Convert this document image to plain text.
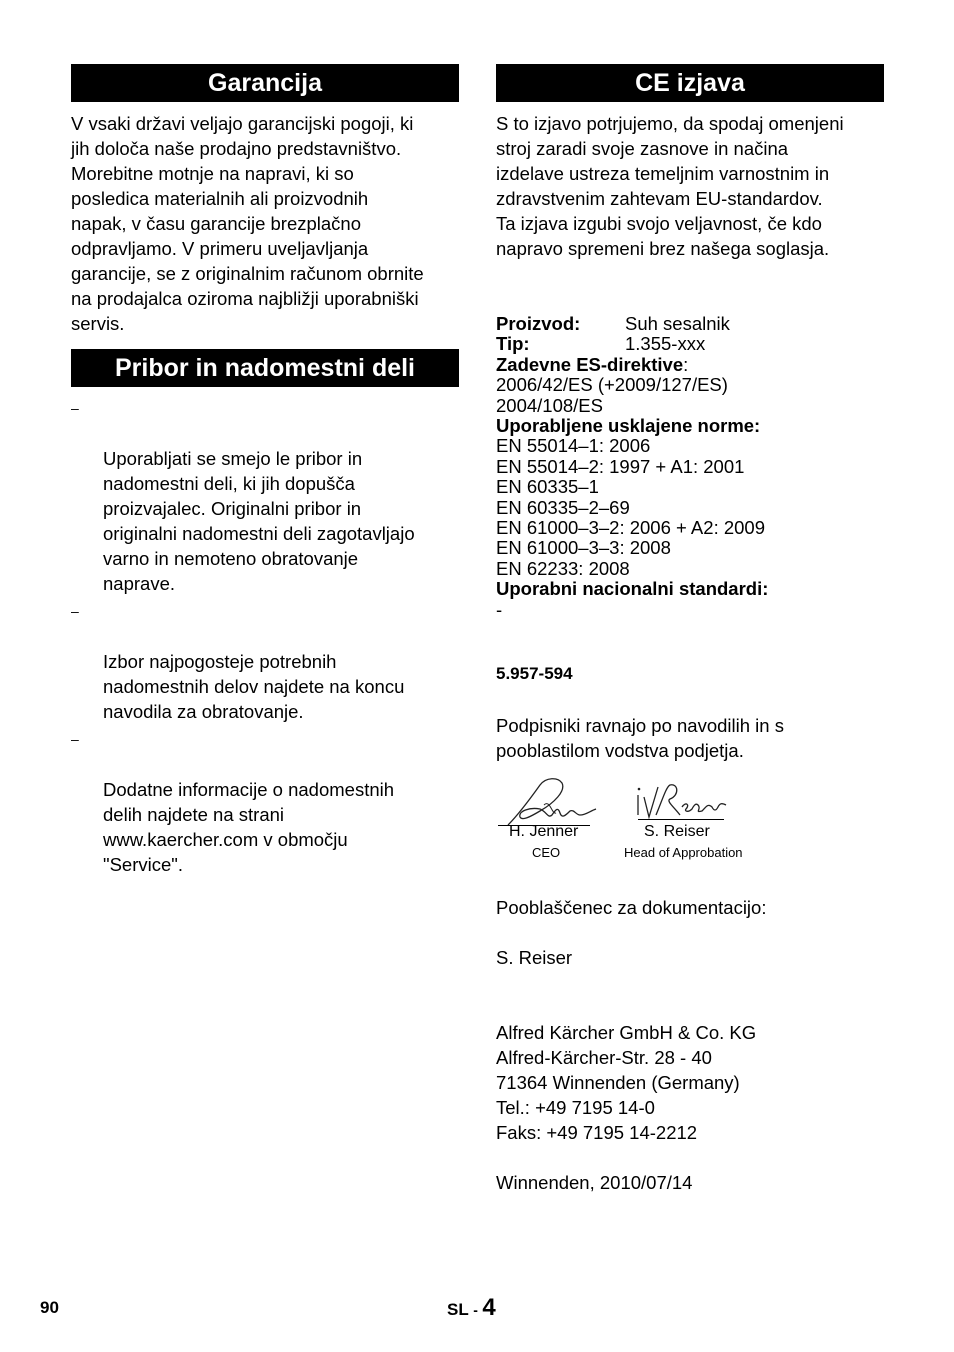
Garancija

V vsaki državi veljajo garancijski pogoji, ki
jih določa naše prodajno predstavništvo.
Morebitne motnje na napravi, ki so
posledica materialnih ali proizvodnih
napak, v času garancije brezplačno
odpravljamo. V primeru uveljavljanja
garancije, se z originalnim računom obrnite
na prodajalca oziroma najbližji uporabniški
servis.

Pribor in nadomestni deli

–

Uporabljati se smejo le pribor in
nadomestni deli, ki jih dopušča
proizvajalec. Originalni pribor in
originalni nadomestni deli zagotavljajo
varno in nemoteno obratovanje
naprave.

–

Izbor najpogosteje potrebnih
nadomestnih delov najdete na koncu
navodila za obratovanje.

–

Dodatne informacije o nadomestnih
delih najdete na strani
www.kaercher.com v območju
"Service".

CE izjava

S to izjavo potrjujemo, da spodaj omenjeni
stroj zaradi svoje zasnove in načina
izdelave ustreza temeljnim varnostnim in
zdravstvenim zahtevam EU-standardov.
Ta izjava izgubi svojo veljavnost, če kdo
napravo spremeni brez našega soglasja.

Proizvod:	Suh sesalnik
Tip:	1.355-xxx
Zadevne ES-direktive:
2006/42/ES (+2009/127/ES)
2004/108/ES
Uporabljene usklajene norme:
EN 55014–1: 2006
EN 55014–2: 1997 + A1: 2001
EN 60335–1
EN 60335–2–69
EN 61000–3–2: 2006 + A2: 2009
EN 61000–3–3: 2008
EN 62233: 2008
Uporabni nacionalni standardi:
-
5.957-594

Podpisniki ravnajo po navodilih in s
pooblastilom vodstva podjetja.

H. Jenner	S. Reiser
CEO	Head of Approbation

Pooblaščenec za dokumentacijo:

S. Reiser

Alfred Kärcher GmbH & Co. KG
Alfred-Kärcher-Str. 28 - 40
71364 Winnenden (Germany)
Tel.: +49 7195 14-0
Faks: +49 7195 14-2212

Winnenden, 2010/07/14

90	SL - 4
